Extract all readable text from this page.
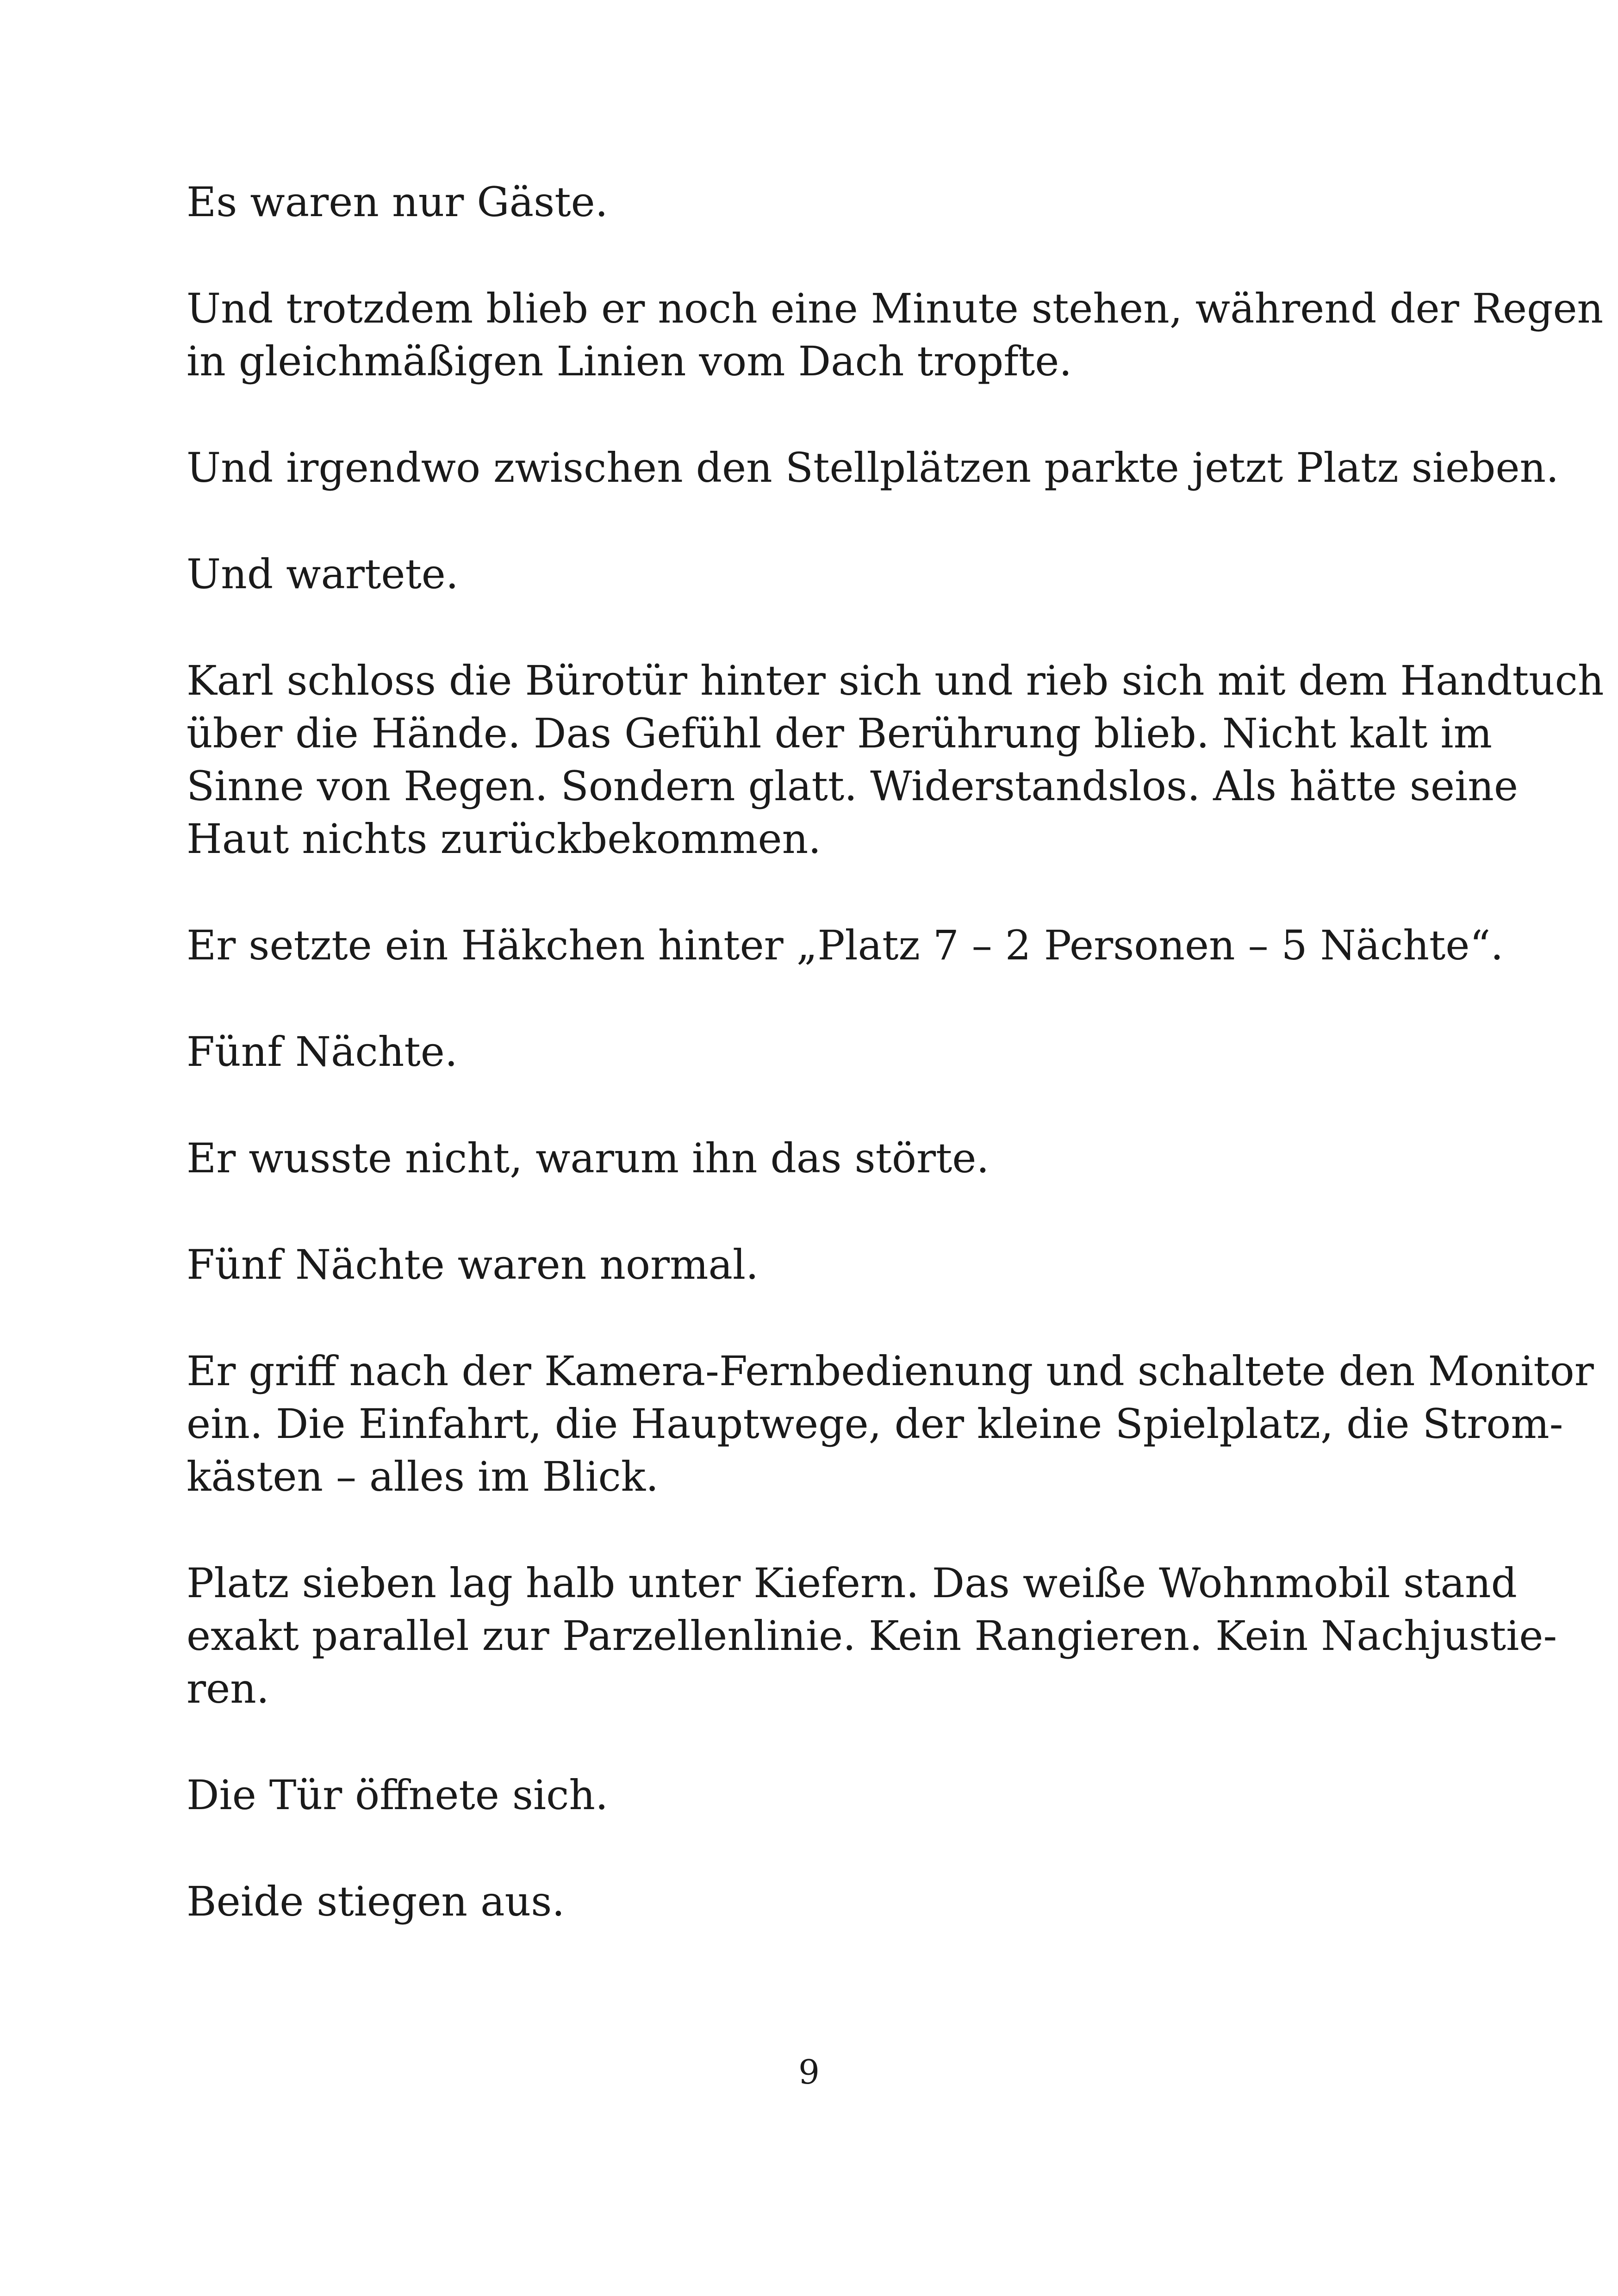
Es waren nur Gäste.

Und trotzdem blieb er noch eine Minute stehen, während der Regen
in gleichmäßigen Linien vom Dach tropfte.

Und irgendwo zwischen den Stellplätzen parkte jetzt Platz sieben.

Und wartete.

Karl schloss die Bürotür hinter sich und rieb sich mit dem Handtuch
über die Hände. Das Gefühl der Berührung blieb. Nicht kalt im
Sinne von Regen. Sondern glatt. Widerstandslos. Als hätte seine
Haut nichts zurückbekommen.

Er setzte ein Häkchen hinter „Platz 7 – 2 Personen – 5 Nächte“.

Fünf Nächte.

Er wusste nicht, warum ihn das störte.

Fünf Nächte waren normal.

Er griff nach der Kamera-Fernbedienung und schaltete den Monitor
ein. Die Einfahrt, die Hauptwege, der kleine Spielplatz, die Strom-
kästen – alles im Blick.

Platz sieben lag halb unter Kiefern. Das weiße Wohnmobil stand
exakt parallel zur Parzellenlinie. Kein Rangieren. Kein Nachjustie-
ren.

Die Tür öffnete sich.

Beide stiegen aus.

9
